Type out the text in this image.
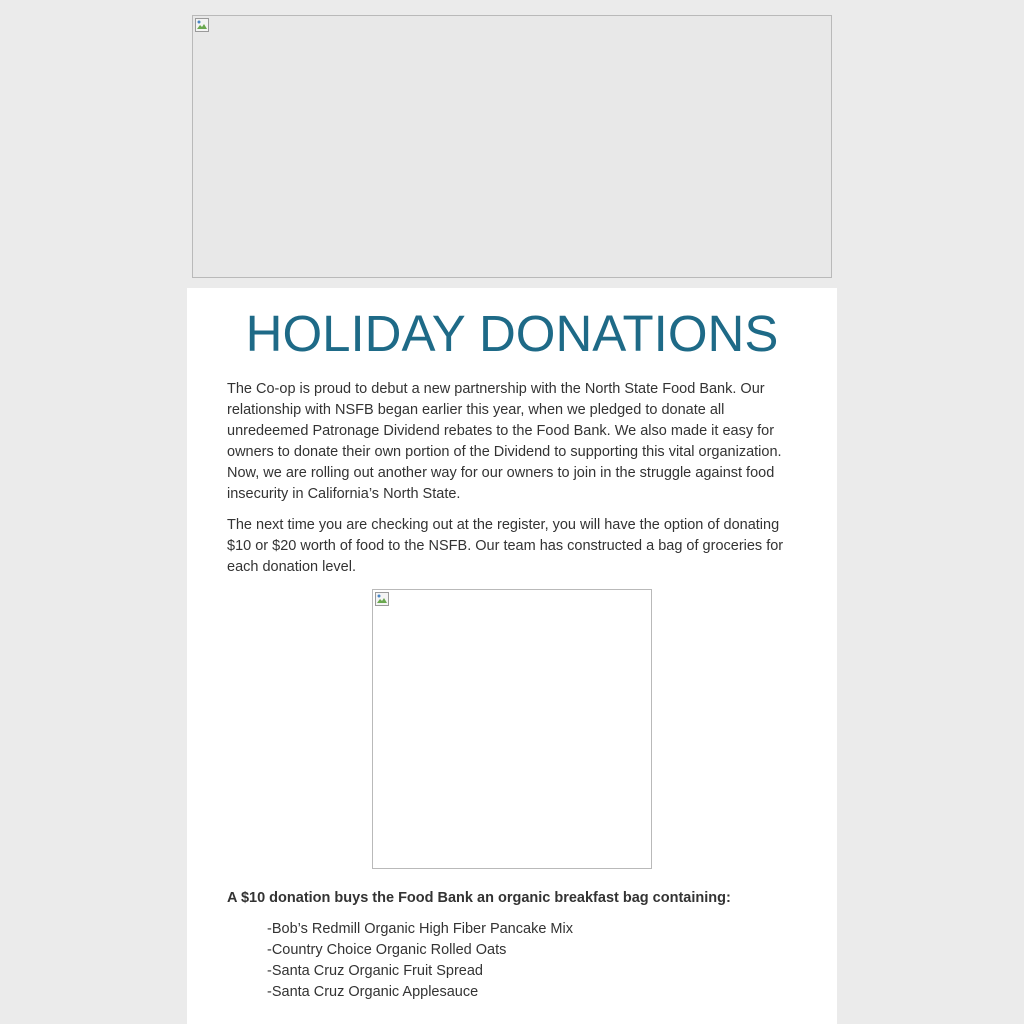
HOLIDAY DONATIONS

The Co-op is proud to debut a new partnership with the North State Food Bank. Our relationship with NSFB began earlier this year, when we pledged to donate all unredeemed Patronage Dividend rebates to the Food Bank. We also made it easy for owners to donate their own portion of the Dividend to supporting this vital organization. Now, we are rolling out another way for our owners to join in the struggle against food insecurity in California’s North State.

The next time you are checking out at the register, you will have the option of donating $10 or $20 worth of food to the NSFB. Our team has constructed a bag of groceries for each donation level.

A $10 donation buys the Food Bank an organic breakfast bag containing:

-Bob’s Redmill Organic High Fiber Pancake Mix
-Country Choice Organic Rolled Oats
-Santa Cruz Organic Fruit Spread
-Santa Cruz Organic Applesauce
